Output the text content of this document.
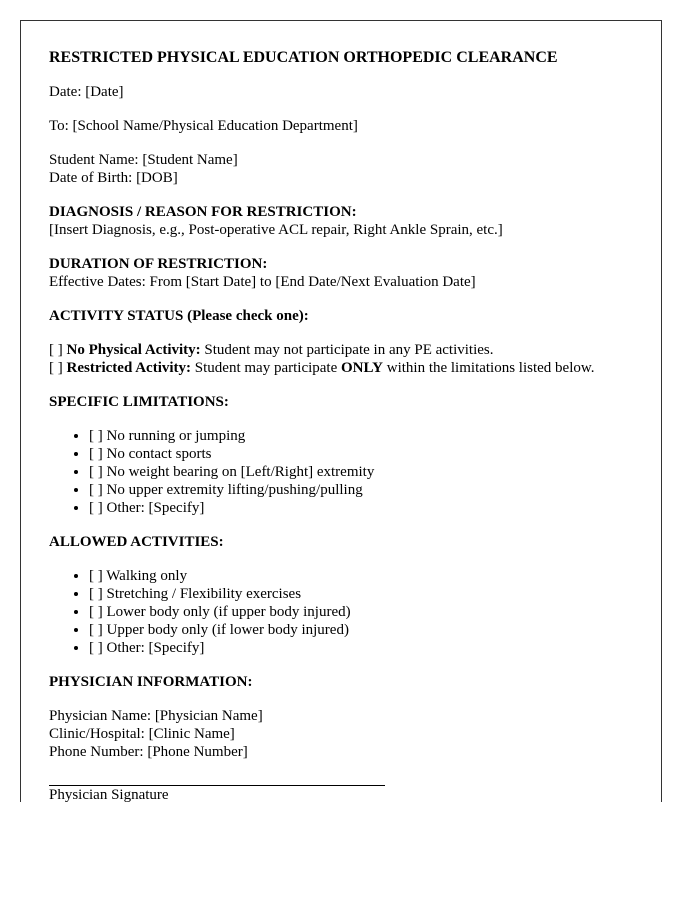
RESTRICTED PHYSICAL EDUCATION ORTHOPEDIC CLEARANCE

Date: [Date]

To: [School Name/Physical Education Department]

Student Name: [Student Name]
Date of Birth: [DOB]

DIAGNOSIS / REASON FOR RESTRICTION:
[Insert Diagnosis, e.g., Post-operative ACL repair, Right Ankle Sprain, etc.]

DURATION OF RESTRICTION:
Effective Dates: From [Start Date] to [End Date/Next Evaluation Date]

ACTIVITY STATUS (Please check one):

[ ] No Physical Activity: Student may not participate in any PE activities.
[ ] Restricted Activity: Student may participate ONLY within the limitations listed below.

SPECIFIC LIMITATIONS:

• [ ] No running or jumping
• [ ] No contact sports
• [ ] No weight bearing on [Left/Right] extremity
• [ ] No upper extremity lifting/pushing/pulling
• [ ] Other: [Specify]

ALLOWED ACTIVITIES:

• [ ] Walking only
• [ ] Stretching / Flexibility exercises
• [ ] Lower body only (if upper body injured)
• [ ] Upper body only (if lower body injured)
• [ ] Other: [Specify]

PHYSICIAN INFORMATION:

Physician Name: [Physician Name]
Clinic/Hospital: [Clinic Name]
Phone Number: [Phone Number]

Physician Signature
